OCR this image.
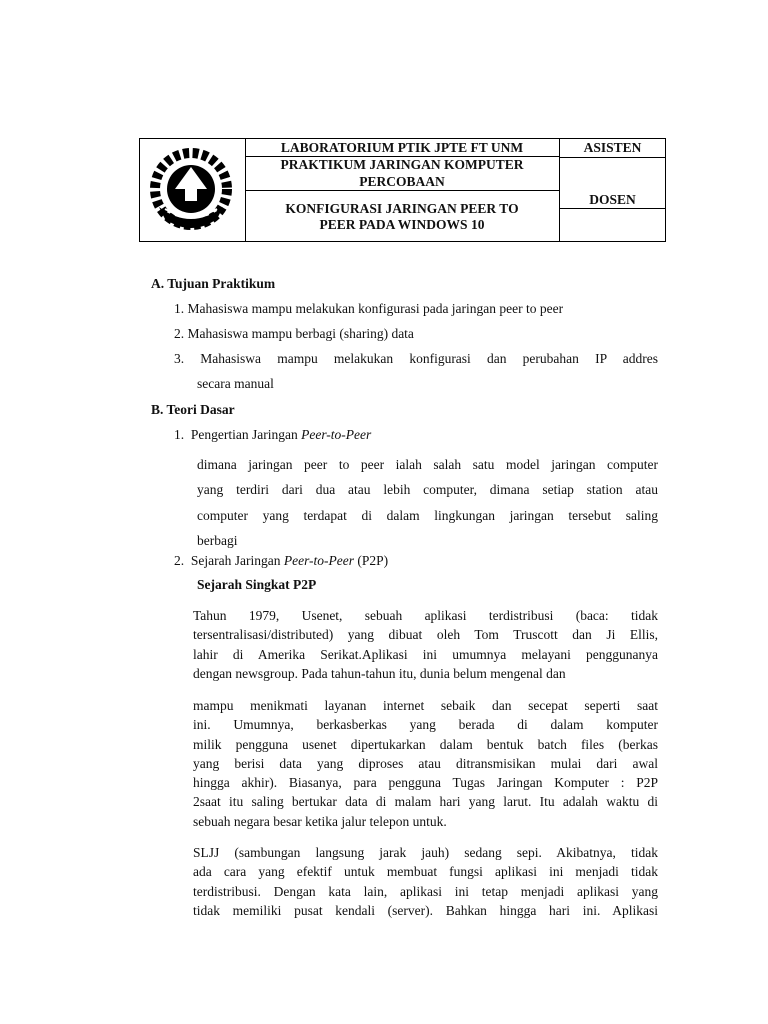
LABORATORIUM PTIK JPTE FT UNM
PRAKTIKUM JARINGAN KOMPUTER
PERCOBAAN
KONFIGURASI JARINGAN PEER TO
PEER PADA WINDOWS 10
ASISTEN
DOSEN
A. Tujuan Praktikum
1. Mahasiswa mampu melakukan konfigurasi pada jaringan peer to peer
2. Mahasiswa mampu berbagi (sharing) data
3. Mahasiswa mampu melakukan konfigurasi dan perubahan IP addres
secara manual
B. Teori Dasar
1.  Pengertian Jaringan Peer-to-Peer
dimana jaringan peer to peer ialah salah satu model jaringan computer
yang terdiri dari dua atau lebih computer, dimana setiap station atau
computer yang terdapat di dalam lingkungan jaringan tersebut saling
berbagi
2.  Sejarah Jaringan Peer-to-Peer (P2P)
Sejarah Singkat P2P
Tahun 1979, Usenet, sebuah aplikasi terdistribusi (baca: tidak
tersentralisasi/distributed) yang dibuat oleh Tom Truscott dan Ji Ellis,
lahir di Amerika Serikat.Aplikasi ini umumnya melayani penggunanya
dengan newsgroup. Pada tahun-tahun itu, dunia belum mengenal dan
mampu menikmati layanan internet sebaik dan secepat seperti saat
ini. Umumnya, berkasberkas yang berada di dalam komputer
milik pengguna usenet dipertukarkan dalam bentuk batch files (berkas
yang berisi data yang diproses atau ditransmisikan mulai dari awal
hingga akhir). Biasanya, para pengguna Tugas Jaringan Komputer : P2P
2saat itu saling bertukar data di malam hari yang larut. Itu adalah waktu di
sebuah negara besar ketika jalur telepon untuk.
SLJJ (sambungan langsung jarak jauh) sedang sepi. Akibatnya, tidak
ada cara yang efektif untuk membuat fungsi aplikasi ini menjadi tidak
terdistribusi. Dengan kata lain, aplikasi ini tetap menjadi aplikasi yang
tidak memiliki pusat kendali (server). Bahkan hingga hari ini. Aplikasi
